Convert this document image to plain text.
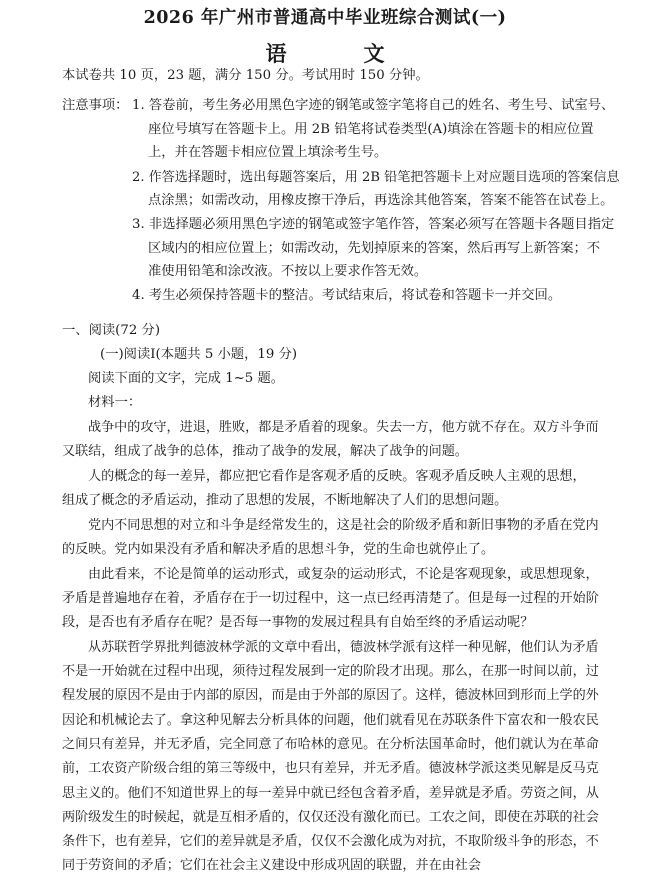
2026 年广州市普通高中毕业班综合测试(一)
语　文
本试卷共 10 页，23 题，满分 150 分。考试用时 150 分钟。
注意事项： 1. 答卷前，考生务必用黑色字迹的钢笔或签字笔将自己的姓名、考生号、试室号、
座位号填写在答题卡上。用 2B 铅笔将试卷类型(A)填涂在答题卡的相应位置
上，并在答题卡相应位置上填涂考生号。
2. 作答选择题时，选出每题答案后，用 2B 铅笔把答题卡上对应题目选项的答案信息
点涂黑；如需改动，用橡皮擦干净后，再选涂其他答案，答案不能答在试卷上。
3. 非选择题必须用黑色字迹的钢笔或签字笔作答，答案必须写在答题卡各题目指定
区域内的相应位置上；如需改动，先划掉原来的答案，然后再写上新答案；不
准使用铅笔和涂改液。不按以上要求作答无效。
4. 考生必须保持答题卡的整洁。考试结束后，将试卷和答题卡一并交回。
一、阅读(72 分)
(一)阅读Ⅰ(本题共 5 小题，19 分)
阅读下面的文字，完成 1~5 题。
材料一：
战争中的攻守，进退，胜败，都是矛盾着的现象。失去一方，他方就不存在。双方斗争而
又联结，组成了战争的总体，推动了战争的发展，解决了战争的问题。
人的概念的每一差异，都应把它看作是客观矛盾的反映。客观矛盾反映人主观的思想，
组成了概念的矛盾运动，推动了思想的发展，不断地解决了人们的思想问题。
党内不同思想的对立和斗争是经常发生的，这是社会的阶级矛盾和新旧事物的矛盾在党内
的反映。党内如果没有矛盾和解决矛盾的思想斗争，党的生命也就停止了。
由此看来，不论是简单的运动形式，或复杂的运动形式，不论是客观现象，或思想现象，
矛盾是普遍地存在着，矛盾存在于一切过程中，这一点已经再清楚了。但是每一过程的开始阶
段，是否也有矛盾存在呢？是否每一事物的发展过程具有自始至终的矛盾运动呢？
从苏联哲学界批判德波林学派的文章中看出，德波林学派有这样一种见解，他们认为矛盾
不是一开始就在过程中出现，须待过程发展到一定的阶段才出现。那么，在那一时间以前，过
程发展的原因不是由于内部的原因，而是由于外部的原因了。这样，德波林回到形而上学的外
因论和机械论去了。拿这种见解去分析具体的问题，他们就看见在苏联条件下富农和一般农民
之间只有差异，并无矛盾，完全同意了布哈林的意见。在分析法国革命时，他们就认为在革命
前，工农资产阶级合组的第三等级中，也只有差异，并无矛盾。德波林学派这类见解是反马克
思主义的。他们不知道世界上的每一差异中就已经包含着矛盾，差异就是矛盾。劳资之间，从
两阶级发生的时候起，就是互相矛盾的，仅仅还没有激化而已。工农之间，即使在苏联的社会
条件下，也有差异，它们的差异就是矛盾，仅仅不会激化成为对抗，不取阶级斗争的形态，不
同于劳资间的矛盾；它们在社会主义建设中形成巩固的联盟，并在由社会
